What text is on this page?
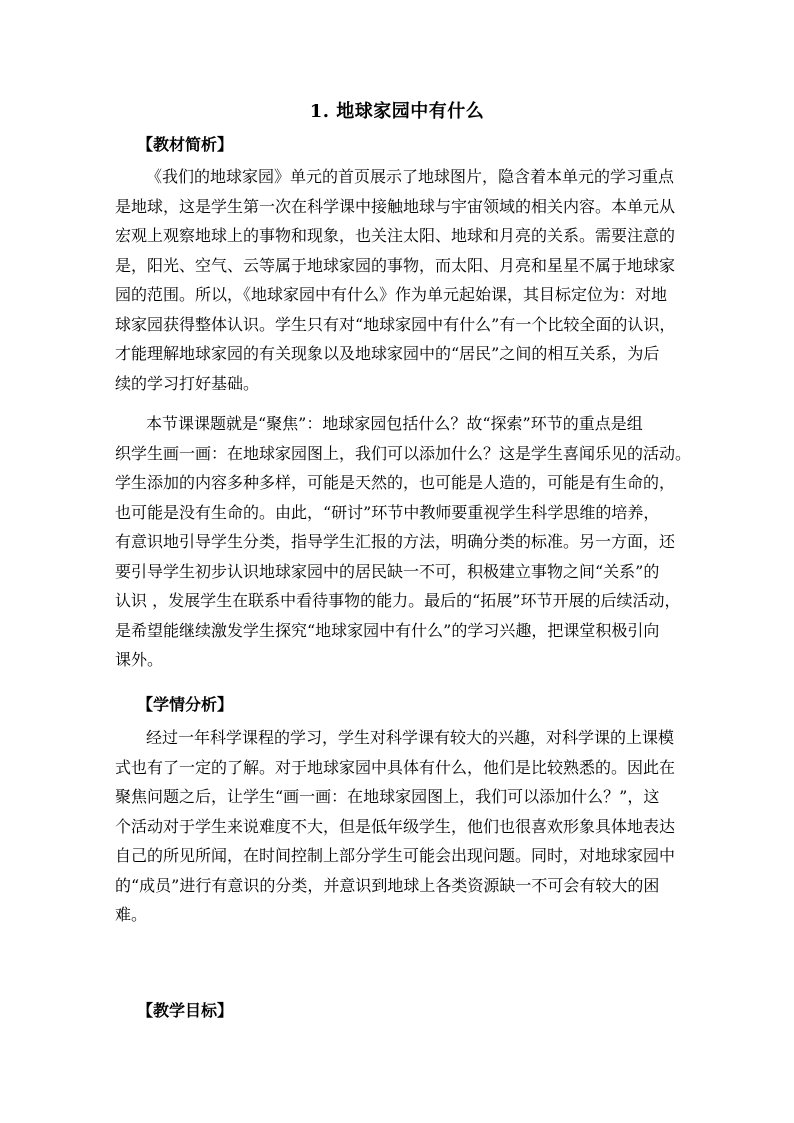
1. 地球家园中有什么
【教材简析】
《我们的地球家园》单元的首页展示了地球图片，隐含着本单元的学习重点
是地球，这是学生第一次在科学课中接触地球与宇宙领域的相关内容。本单元从
宏观上观察地球上的事物和现象，也关注太阳、地球和月亮的关系。需要注意的
是，阳光、空气、云等属于地球家园的事物，而太阳、月亮和星星不属于地球家
园的范围。所以，《地球家园中有什么》作为单元起始课，其目标定位为：对地
球家园获得整体认识。学生只有对“地球家园中有什么”有一个比较全面的认识，
才能理解地球家园的有关现象以及地球家园中的“居民”之间的相互关系，为后
续的学习打好基础。
本节课课题就是“聚焦”：地球家园包括什么？故“探索”环节的重点是组
织学生画一画：在地球家园图上，我们可以添加什么？这是学生喜闻乐见的活动。
学生添加的内容多种多样，可能是天然的，也可能是人造的，可能是有生命的，
也可能是没有生命的。由此，“研讨”环节中教师要重视学生科学思维的培养，
有意识地引导学生分类，指导学生汇报的方法，明确分类的标准。另一方面，还
要引导学生初步认识地球家园中的居民缺一不可，积极建立事物之间“关系”的
认识 ，发展学生在联系中看待事物的能力。最后的“拓展”环节开展的后续活动，
是希望能继续激发学生探究“地球家园中有什么”的学习兴趣，把课堂积极引向
课外。
【学情分析】
经过一年科学课程的学习，学生对科学课有较大的兴趣，对科学课的上课模
式也有了一定的了解。对于地球家园中具体有什么，他们是比较熟悉的。因此在
聚焦问题之后，让学生“画一画：在地球家园图上，我们可以添加什么？”，这
个活动对于学生来说难度不大，但是低年级学生，他们也很喜欢形象具体地表达
自己的所见所闻，在时间控制上部分学生可能会出现问题。同时，对地球家园中
的“成员”进行有意识的分类，并意识到地球上各类资源缺一不可会有较大的困
难。
【教学目标】
